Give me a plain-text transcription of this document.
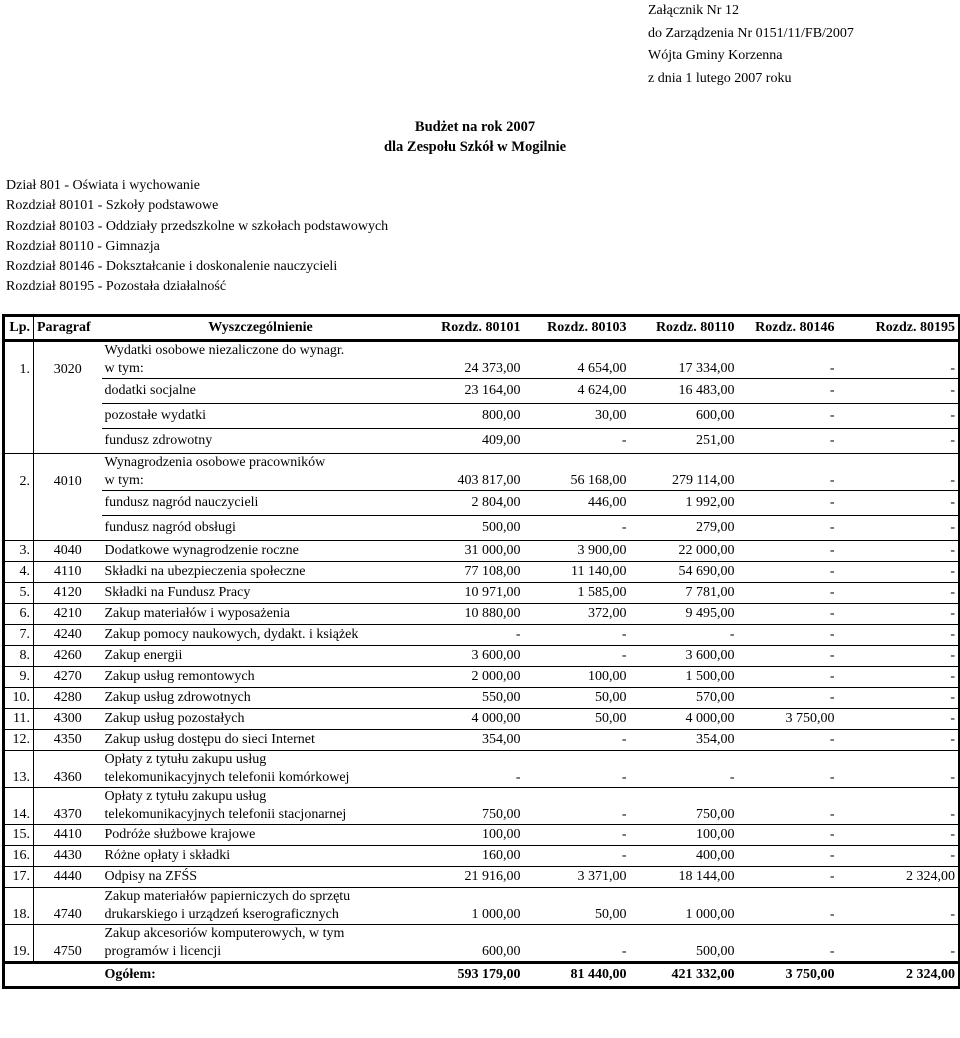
Załącznik Nr 12
do Zarządzenia Nr 0151/11/FB/2007
Wójta Gminy Korzenna
z dnia 1 lutego 2007 roku
Budżet na rok 2007
dla Zespołu Szkół w Mogilnie
Dział 801 - Oświata i wychowanie
Rozdział 80101 - Szkoły podstawowe
Rozdział 80103 - Oddziały przedszkolne w szkołach podstawowych
Rozdział 80110 - Gimnazja
Rozdział 80146 - Dokształcanie i doskonalenie nauczycieli
Rozdział 80195 - Pozostała działalność
Lp.	Paragraf	Wyszczególnienie	Rozdz. 80101	Rozdz. 80103	Rozdz. 80110	Rozdz. 80146	Rozdz. 80195
1.	3020	Wydatki osobowe niezaliczone do wynagr.
w tym:	24 373,00	4 654,00	17 334,00	-	-

		dodatki socjalne	23 164,00	4 624,00	16 483,00	-	-

		pozostałe wydatki	800,00	30,00	600,00	-	-

		fundusz zdrowotny	409,00	-	251,00	-	-
2.	4010	Wynagrodzenia osobowe pracowników
w tym:	403 817,00	56 168,00	279 114,00	-	-

		fundusz nagród nauczycieli	2 804,00	446,00	1 992,00	-	-

		fundusz nagród obsługi	500,00	-	279,00	-	-
3.	4040	Dodatkowe wynagrodzenie roczne	31 000,00	3 900,00	22 000,00	-	-
4.	4110	Składki na ubezpieczenia społeczne	77 108,00	11 140,00	54 690,00	-	-
5.	4120	Składki na Fundusz Pracy	10 971,00	1 585,00	7 781,00	-	-
6.	4210	Zakup materiałów i wyposażenia	10 880,00	372,00	9 495,00	-	-
7.	4240	Zakup pomocy naukowych, dydakt. i książek	-	-	-	-	-
8.	4260	Zakup energii	3 600,00	-	3 600,00	-	-
9.	4270	Zakup usług remontowych	2 000,00	100,00	1 500,00	-	-
10.	4280	Zakup usług zdrowotnych	550,00	50,00	570,00	-	-
11.	4300	Zakup usług pozostałych	4 000,00	50,00	4 000,00	3 750,00	-
12.	4350	Zakup usług dostępu do sieci Internet	354,00	-	354,00	-	-
13.	4360	Opłaty z tytułu zakupu usług
telekomunikacyjnych telefonii komórkowej	-	-	-	-	-
14.	4370	Opłaty z tytułu zakupu usług
telekomunikacyjnych telefonii stacjonarnej	750,00	-	750,00	-	-
15.	4410	Podróże służbowe krajowe	100,00	-	100,00	-	-
16.	4430	Różne opłaty i składki	160,00	-	400,00	-	-
17.	4440	Odpisy na ZFŚS	21 916,00	3 371,00	18 144,00	-	2 324,00
18.	4740	Zakup materiałów papierniczych do sprzętu
drukarskiego i urządzeń kserograficznych	1 000,00	50,00	1 000,00	-	-
19.	4750	Zakup akcesoriów komputerowych, w tym
programów i licencji	600,00	-	500,00	-	-
		Ogółem:	593 179,00	81 440,00	421 332,00	3 750,00	2 324,00
